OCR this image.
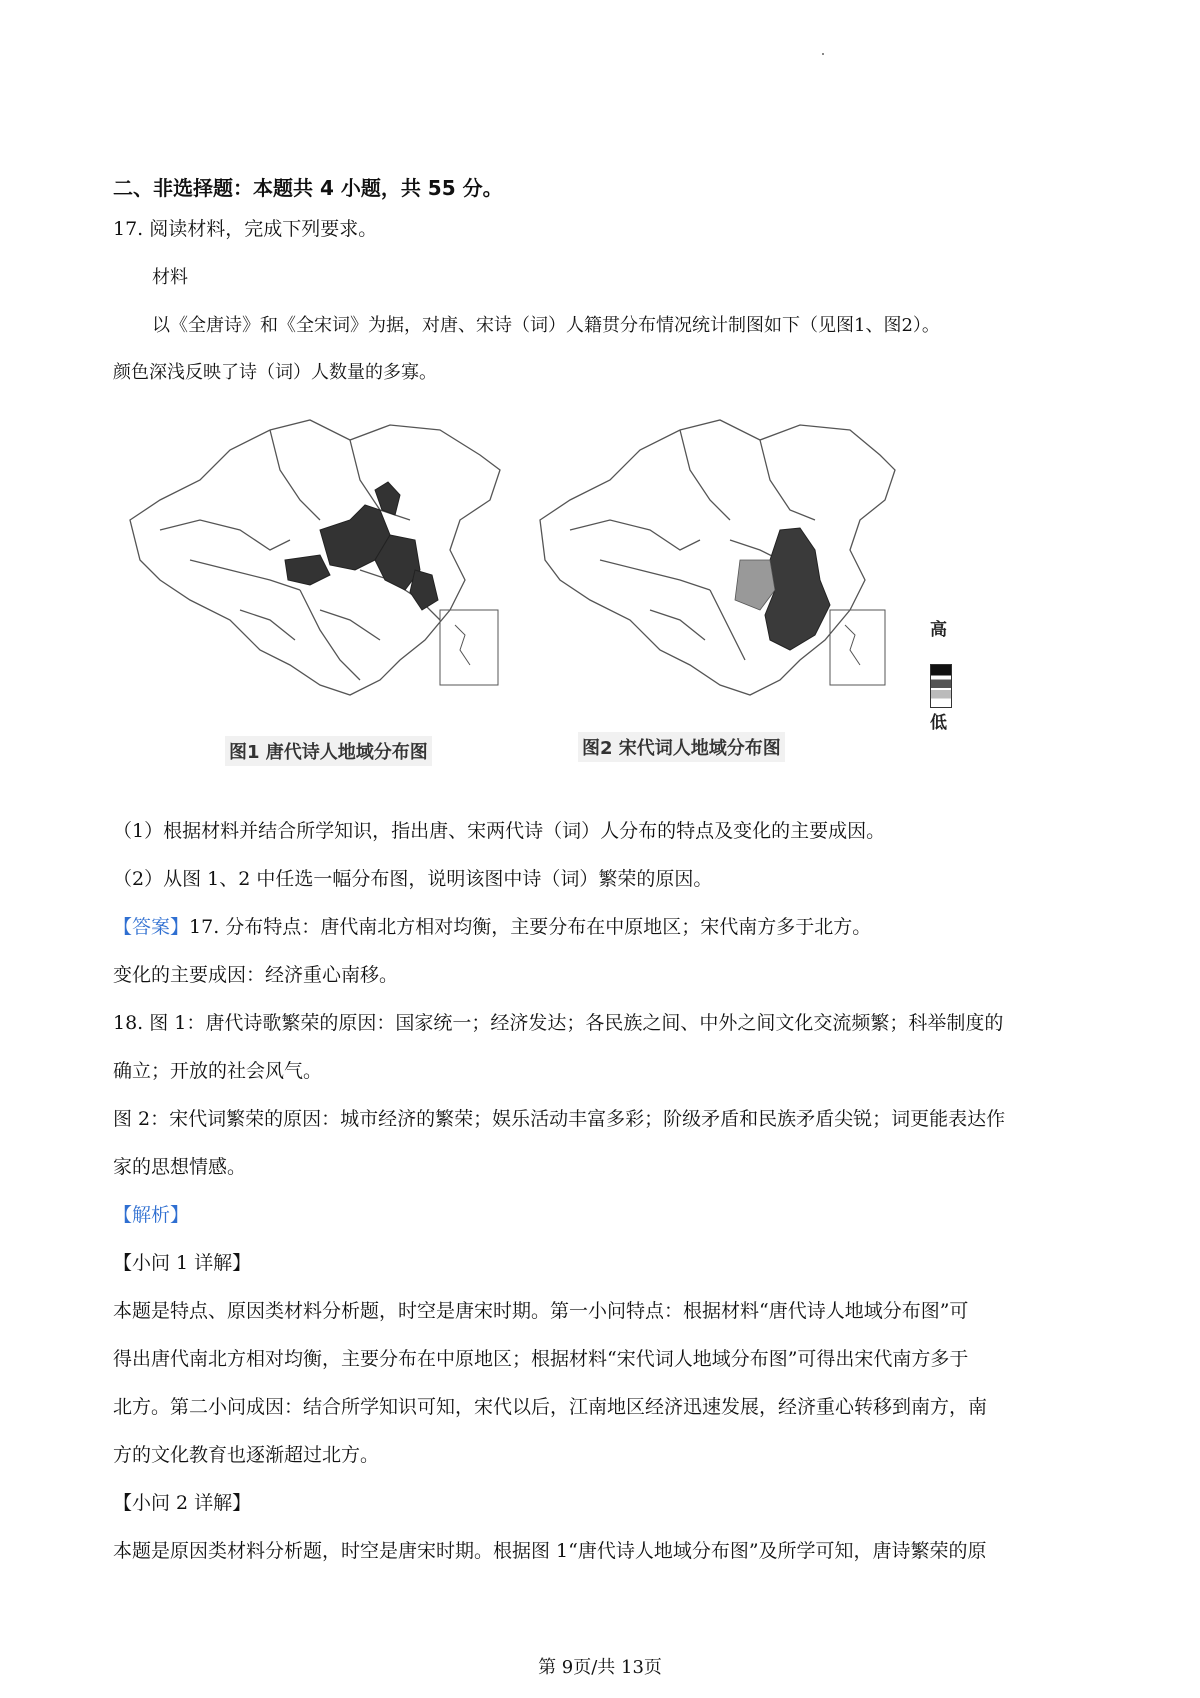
二、非选择题：本题共 4 小题，共 55 分。
17. 阅读材料，完成下列要求。
材料
以《全唐诗》和《全宋词》为据，对唐、宋诗（词）人籍贯分布情况统计制图如下（见图1、图2）。
颜色深浅反映了诗（词）人数量的多寡。
图1 唐代诗人地域分布图	图2 宋代词人地域分布图
高
低
（1）根据材料并结合所学知识，指出唐、宋两代诗（词）人分布的特点及变化的主要成因。
（2）从图 1、2 中任选一幅分布图，说明该图中诗（词）繁荣的原因。
【答案】17. 分布特点：唐代南北方相对均衡，主要分布在中原地区；宋代南方多于北方。
变化的主要成因：经济重心南移。
18. 图 1：唐代诗歌繁荣的原因：国家统一；经济发达；各民族之间、中外之间文化交流频繁；科举制度的
确立；开放的社会风气。
图 2：宋代词繁荣的原因：城市经济的繁荣；娱乐活动丰富多彩；阶级矛盾和民族矛盾尖锐；词更能表达作
家的思想情感。
【解析】
【小问 1 详解】
本题是特点、原因类材料分析题，时空是唐宋时期。第一小问特点：根据材料“唐代诗人地域分布图”可
得出唐代南北方相对均衡，主要分布在中原地区；根据材料“宋代词人地域分布图”可得出宋代南方多于
北方。第二小问成因：结合所学知识可知，宋代以后，江南地区经济迅速发展，经济重心转移到南方，南
方的文化教育也逐渐超过北方。
【小问 2 详解】
本题是原因类材料分析题，时空是唐宋时期。根据图 1“唐代诗人地域分布图”及所学可知，唐诗繁荣的原
第 9页/共 13页
